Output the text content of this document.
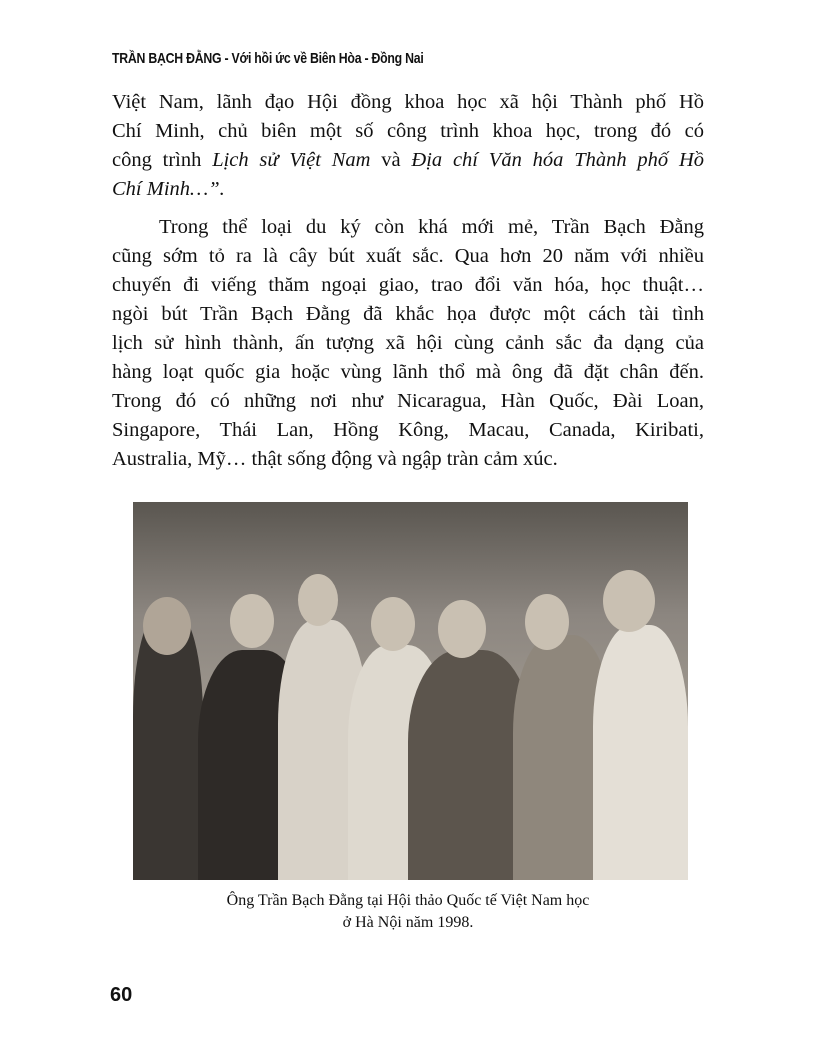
TRẦN BẠCH ĐẰNG - Với hồi ức về Biên Hòa - Đồng Nai
Việt Nam, lãnh đạo Hội đồng khoa học xã hội Thành phố Hồ
Chí Minh, chủ biên một số công trình khoa học, trong đó có
công trình Lịch sử Việt Nam và Địa chí Văn hóa Thành phố Hồ
Chí Minh…”.
Trong thể loại du ký còn khá mới mẻ, Trần Bạch Đằng
cũng sớm tỏ ra là cây bút xuất sắc. Qua hơn 20 năm với nhiều
chuyến đi viếng thăm ngoại giao, trao đổi văn hóa, học thuật…
ngòi bút Trần Bạch Đằng đã khắc họa được một cách tài tình
lịch sử hình thành, ấn tượng xã hội cùng cảnh sắc đa dạng của
hàng loạt quốc gia hoặc vùng lãnh thổ mà ông đã đặt chân đến.
Trong đó có những nơi như Nicaragua, Hàn Quốc, Đài Loan,
Singapore, Thái Lan, Hồng Kông, Macau, Canada, Kiribati,
Australia, Mỹ… thật sống động và ngập tràn cảm xúc.
Ông Trần Bạch Đằng tại Hội thảo Quốc tế Việt Nam học
ở Hà Nội năm 1998.
60
